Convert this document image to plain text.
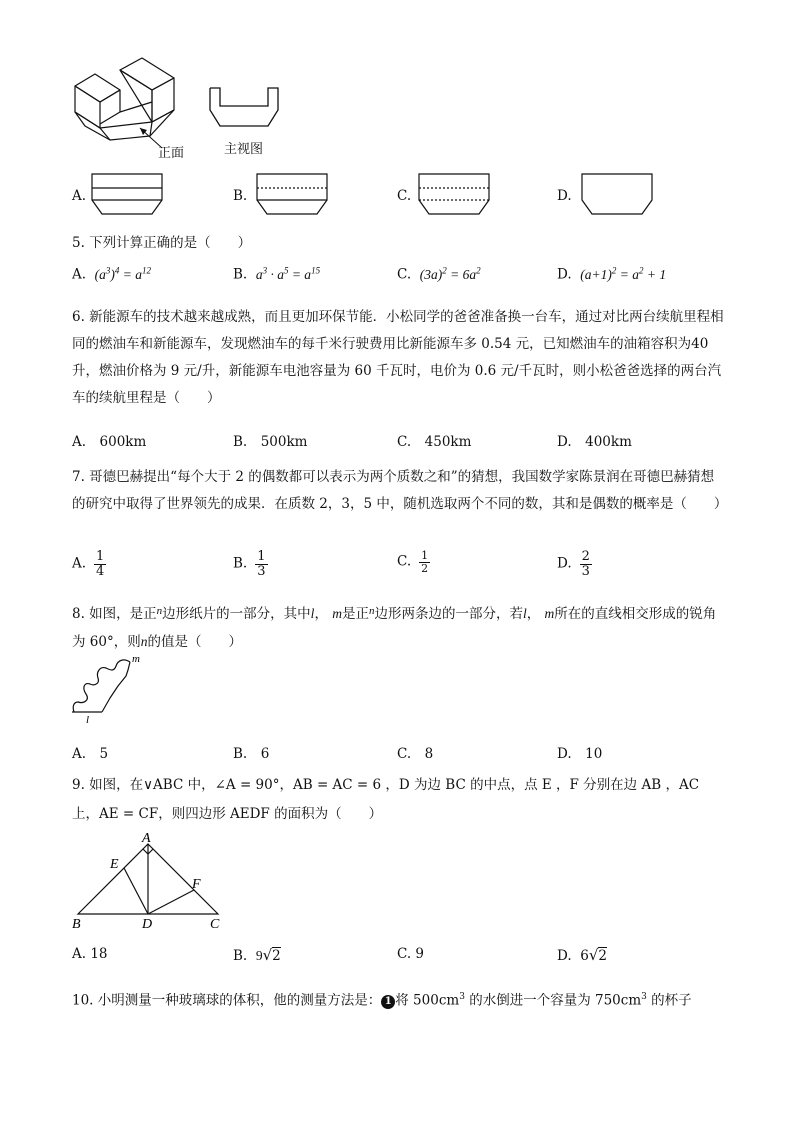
正面	主视图
A.	B.	C.	D.
5. 下列计算正确的是（　　）
A. $(a^3)^4 = a^{12}$	B. $a^3 \cdot a^5 = a^{15}$	C. $(3a)^2 = 6a^2$	D. $(a+1)^2 = a^2 + 1$
6. 新能源车的技术越来越成熟，而且更加环保节能．小松同学的爸爸准备换一台车，通过对比两台续航里程相同的燃油车和新能源车，发现燃油车的每千米行驶费用比新能源车多 0.54 元，已知燃油车的油箱容积为40 升，燃油价格为 9 元/升，新能源车电池容量为 60 千瓦时，电价为 0.6 元/千瓦时，则小松爸爸选择的两台汽车的续航里程是（　　）
A.　600km	B.　500km	C.　450km	D.　400km
7. 哥德巴赫提出“每个大于 2 的偶数都可以表示为两个质数之和”的猜想，我国数学家陈景润在哥德巴赫猜想的研究中取得了世界领先的成果．在质数 2，3，5 中，随机选取两个不同的数，其和是偶数的概率是（　　）
A. $\frac{1}{4}$	B. $\frac{1}{3}$	C. $\frac{1}{2}$	D. $\frac{2}{3}$
8. 如图，是正$^n$边形纸片的一部分，其中l， m是正$^n$边形两条边的一部分，若l， m所在的直线相交形成的锐角为 60°，则n的值是（　　）
m
l
A.　5	B.　6	C.　8	D.　10
9. 如图，在∨ABC 中，∠A = 90°，AB = AC = 6 ，D 为边 BC 的中点，点 E ，F 分别在边 AB ，AC
上，AE = CF，则四边形 AEDF 的面积为（　　）
A
E
F
B	D	C
A. 18	B. 9√2	C. 9	D. 6√2
10. 小明测量一种玻璃球的体积，他的测量方法是： 1 将 $500cm^3$ 的水倒进一个容量为 $750cm^3$ 的杯子
